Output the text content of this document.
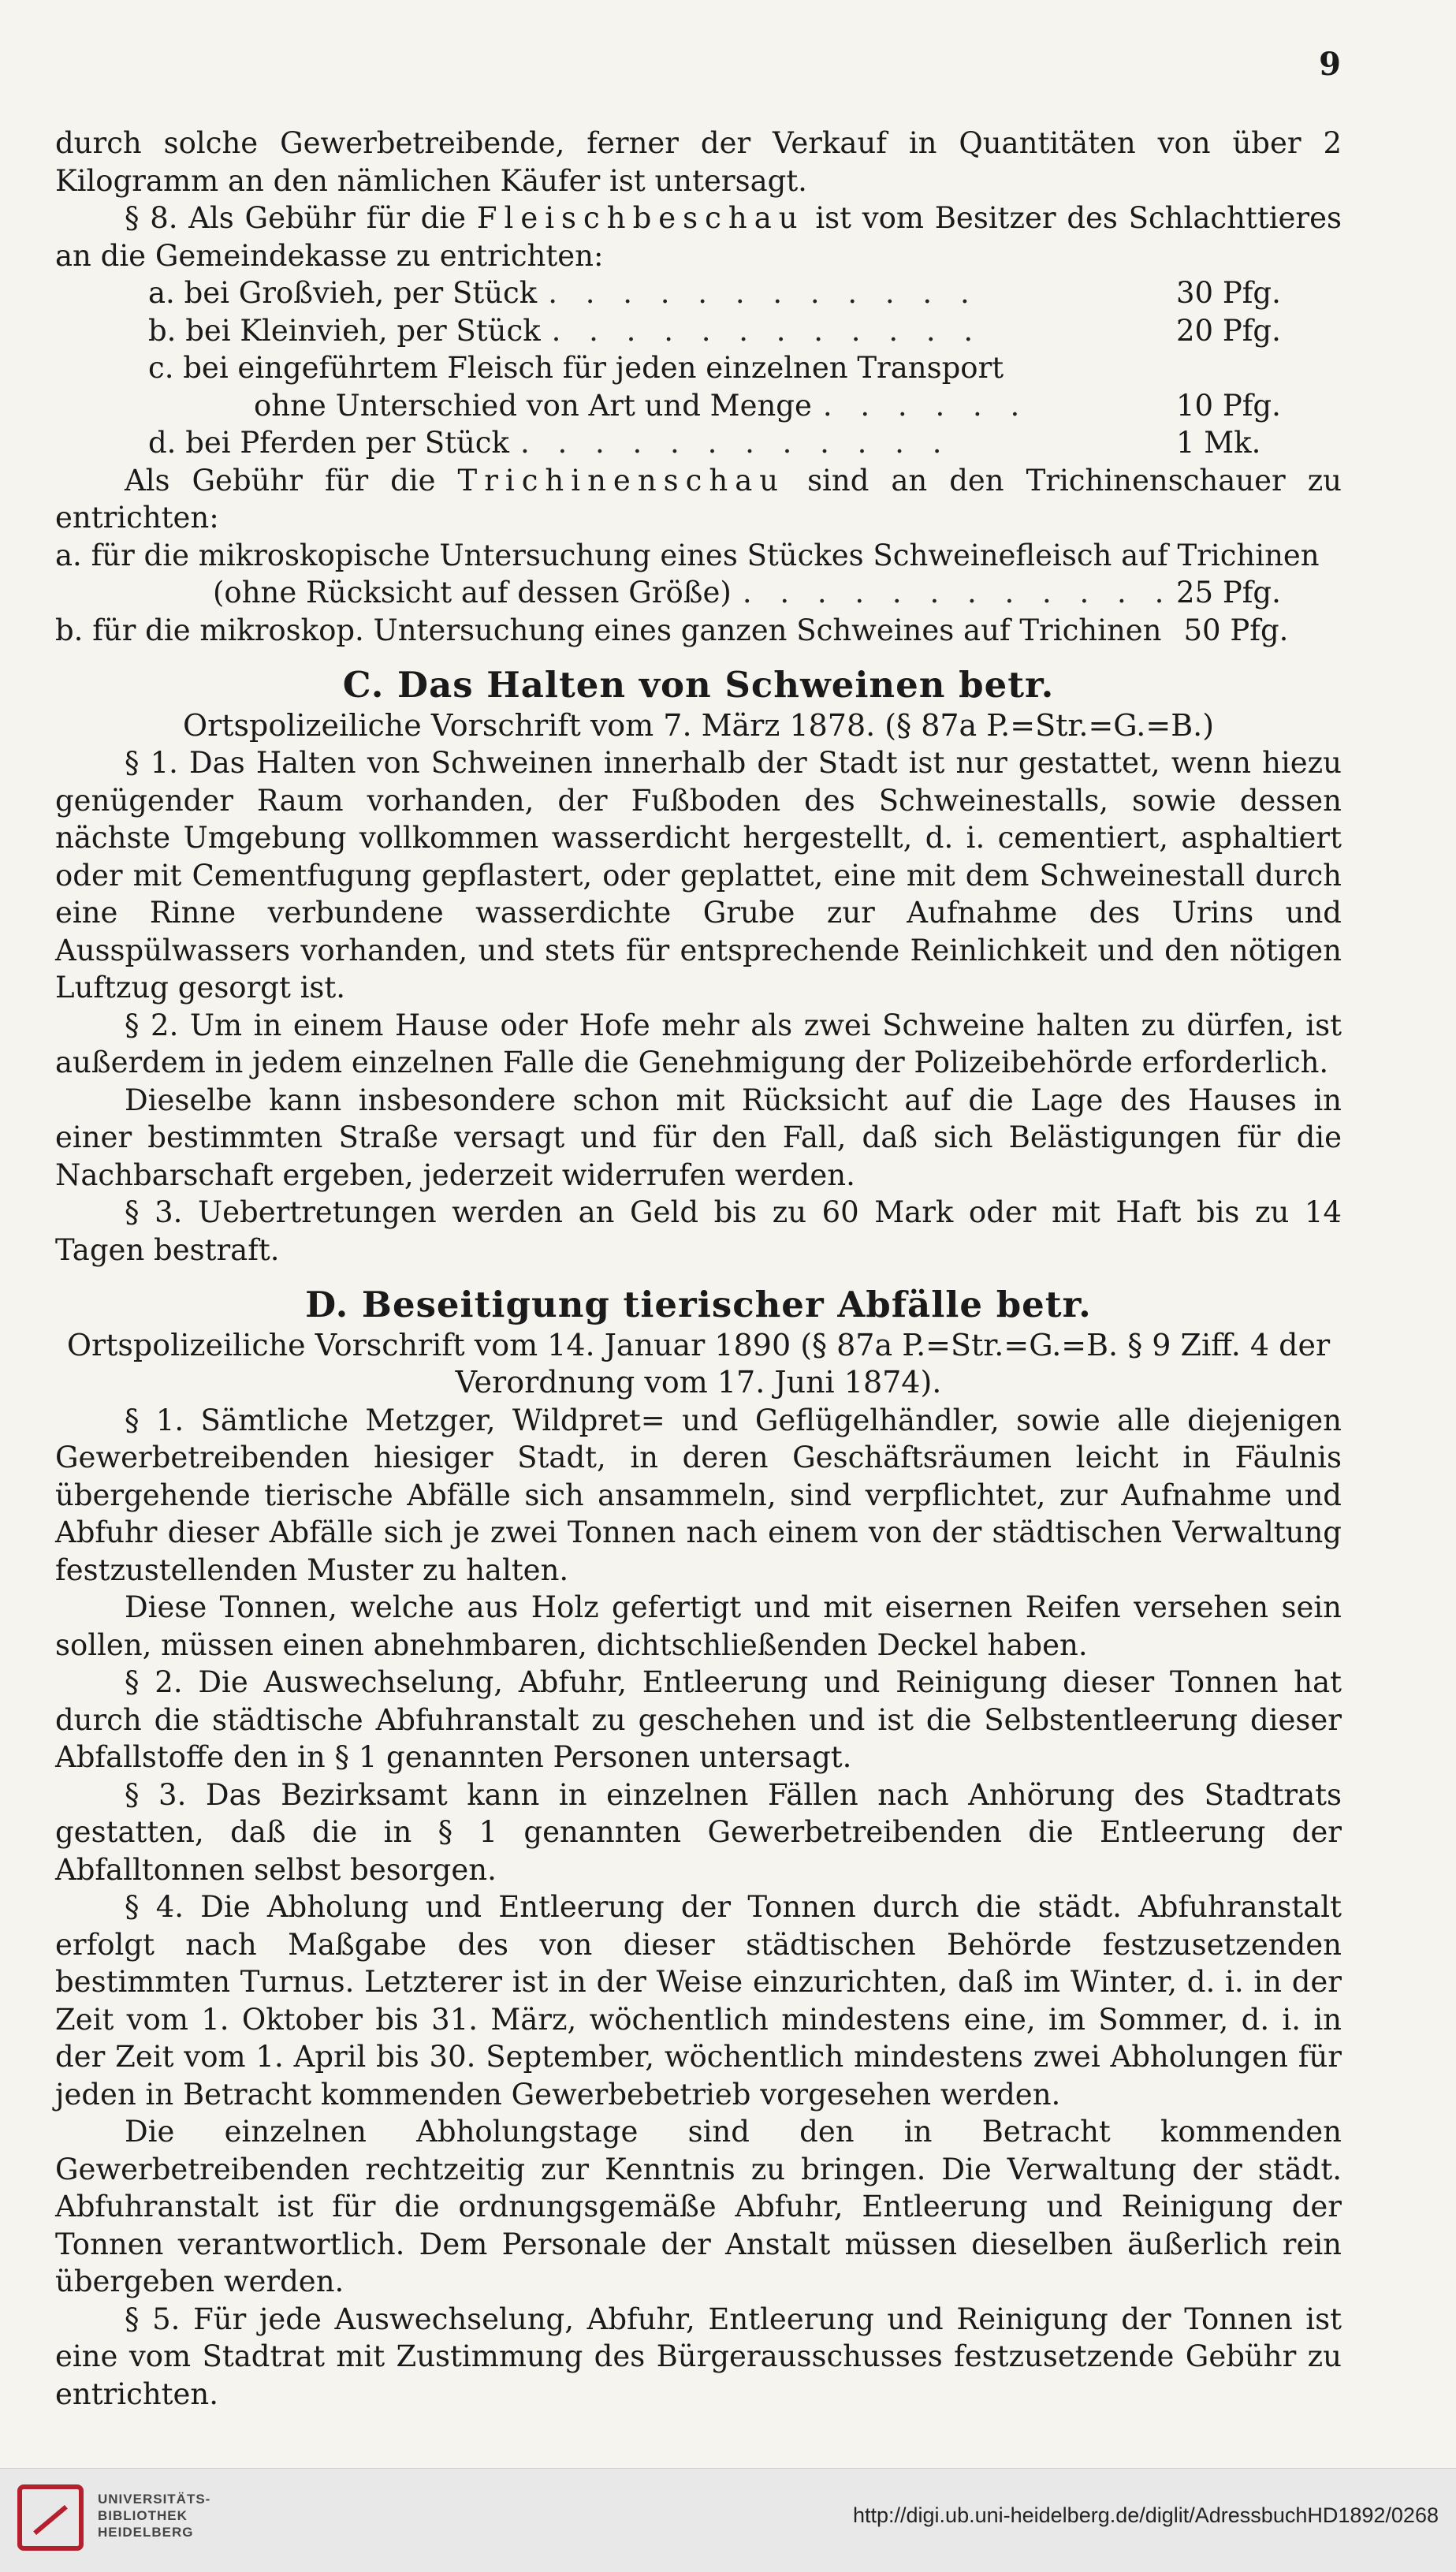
9

durch solche Gewerbetreibende, ferner der Verkauf in Quantitäten von über 2 Kilogramm an den nämlichen Käufer ist untersagt.

§ 8. Als Gebühr für die Fleischbeschau ist vom Besitzer des Schlachttieres an die Gemeindekasse zu entrichten:

a. bei Großvieh, per Stück . . . . . . . . . . . .	30 Pfg.
b. bei Kleinvieh, per Stück . . . . . . . . . . . .	20 Pfg.
c. bei eingeführtem Fleisch für jeden einzelnen Transport
ohne Unterschied von Art und Menge . . . . . .	10 Pfg.
d. bei Pferden per Stück . . . . . . . . . . . .	1 Mk.

Als Gebühr für die Trichinenschau sind an den Trichinenschauer zu entrichten:

a. für die mikroskopische Untersuchung eines Stückes Schweinefleisch auf Trichinen
(ohne Rücksicht auf dessen Größe) . . . . . . . . . . . . 25 Pfg.
b. für die mikroskop. Untersuchung eines ganzen Schweines auf Trichinen 50 Pfg.
C. Das Halten von Schweinen betr.
Ortspolizeiliche Vorschrift vom 7. März 1878. (§ 87a P.=Str.=G.=B.)

§ 1. Das Halten von Schweinen innerhalb der Stadt ist nur gestattet, wenn hiezu genügender Raum vorhanden, der Fußboden des Schweinestalls, sowie dessen nächste Umgebung vollkommen wasserdicht hergestellt, d. i. cementiert, asphaltiert oder mit Cementfugung gepflastert, oder geplattet, eine mit dem Schweinestall durch eine Rinne verbundene wasserdichte Grube zur Aufnahme des Urins und Ausspülwassers vorhanden, und stets für entsprechende Reinlichkeit und den nötigen Luftzug gesorgt ist.

§ 2. Um in einem Hause oder Hofe mehr als zwei Schweine halten zu dürfen, ist außerdem in jedem einzelnen Falle die Genehmigung der Polizeibehörde erforderlich.

Dieselbe kann insbesondere schon mit Rücksicht auf die Lage des Hauses in einer bestimmten Straße versagt und für den Fall, daß sich Belästigungen für die Nachbarschaft ergeben, jederzeit widerrufen werden.

§ 3. Uebertretungen werden an Geld bis zu 60 Mark oder mit Haft bis zu 14 Tagen bestraft.

D. Beseitigung tierischer Abfälle betr.
Ortspolizeiliche Vorschrift vom 14. Januar 1890 (§ 87a P.=Str.=G.=B. § 9 Ziff. 4 der
Verordnung vom 17. Juni 1874).

§ 1. Sämtliche Metzger, Wildpret= und Geflügelhändler, sowie alle diejenigen Gewerbetreibenden hiesiger Stadt, in deren Geschäftsräumen leicht in Fäulnis übergehende tierische Abfälle sich ansammeln, sind verpflichtet, zur Aufnahme und Abfuhr dieser Abfälle sich je zwei Tonnen nach einem von der städtischen Verwaltung festzustellenden Muster zu halten.

Diese Tonnen, welche aus Holz gefertigt und mit eisernen Reifen versehen sein sollen, müssen einen abnehmbaren, dichtschließenden Deckel haben.

§ 2. Die Auswechselung, Abfuhr, Entleerung und Reinigung dieser Tonnen hat durch die städtische Abfuhranstalt zu geschehen und ist die Selbstentleerung dieser Abfallstoffe den in § 1 genannten Personen untersagt.

§ 3. Das Bezirksamt kann in einzelnen Fällen nach Anhörung des Stadtrats gestatten, daß die in § 1 genannten Gewerbetreibenden die Entleerung der Abfalltonnen selbst besorgen.

§ 4. Die Abholung und Entleerung der Tonnen durch die städt. Abfuhranstalt erfolgt nach Maßgabe des von dieser städtischen Behörde festzusetzenden bestimmten Turnus. Letzterer ist in der Weise einzurichten, daß im Winter, d. i. in der Zeit vom 1. Oktober bis 31. März, wöchentlich mindestens eine, im Sommer, d. i. in der Zeit vom 1. April bis 30. September, wöchentlich mindestens zwei Abholungen für jeden in Betracht kommenden Gewerbebetrieb vorgesehen werden.

Die einzelnen Abholungstage sind den in Betracht kommenden Gewerbetreibenden rechtzeitig zur Kenntnis zu bringen. Die Verwaltung der städt. Abfuhranstalt ist für die ordnungsgemäße Abfuhr, Entleerung und Reinigung der Tonnen verantwortlich. Dem Personale der Anstalt müssen dieselben äußerlich rein übergeben werden.

§ 5. Für jede Auswechselung, Abfuhr, Entleerung und Reinigung der Tonnen ist eine vom Stadtrat mit Zustimmung des Bürgerausschusses festzusetzende Gebühr zu entrichten.

UNIVERSITÄTS-
BIBLIOTHEK
HEIDELBERG
http://digi.ub.uni-heidelberg.de/diglit/AdressbuchHD1892/0268
